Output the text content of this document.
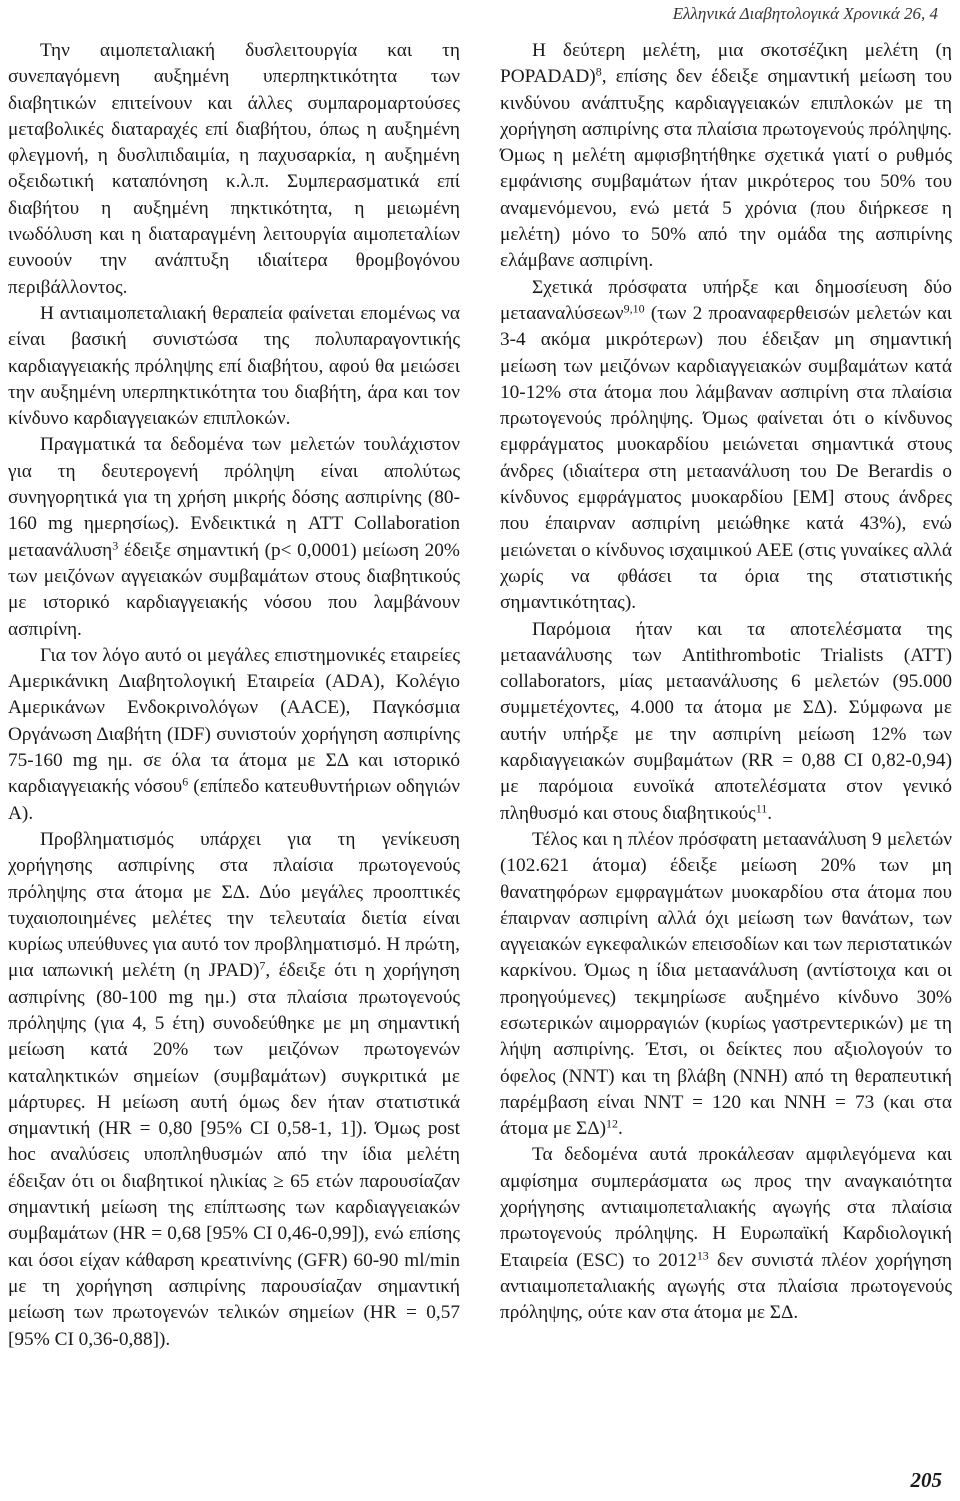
Ελληνικά Διαβητολογικά Χρονικά 26, 4

Την αιμοπεταλιακή δυσλειτουργία και τη συνεπαγόμενη αυξημένη υπερπηκτικότητα των διαβητικών επιτείνουν και άλλες συμπαρομαρτούσες μεταβολικές διαταραχές επί διαβήτου, όπως η αυξημένη φλεγμονή, η δυσλιπιδαιμία, η παχυσαρκία, η αυξημένη οξειδωτική καταπόνηση κ.λ.π. Συμπερασματικά επί διαβήτου η αυξημένη πηκτικότητα, η μειωμένη ινωδόλυση και η διαταραγμένη λειτουργία αιμοπεταλίων ευνοούν την ανάπτυξη ιδιαίτερα θρομβογόνου περιβάλλοντος.

Η αντιαιμοπεταλιακή θεραπεία φαίνεται επομένως να είναι βασική συνιστώσα της πολυπαραγοντικής καρδιαγγειακής πρόληψης επί διαβήτου, αφού θα μειώσει την αυξημένη υπερπηκτικότητα του διαβήτη, άρα και τον κίνδυνο καρδιαγγειακών επιπλοκών.

Πραγματικά τα δεδομένα των μελετών τουλάχιστον για τη δευτερογενή πρόληψη είναι απολύτως συνηγορητικά για τη χρήση μικρής δόσης ασπιρίνης (80-160 mg ημερησίως). Ενδεικτικά η ATT Collaboration μεταανάλυση$^3$ έδειξε σημαντική (p< 0,0001) μείωση 20% των μειζόνων αγγειακών συμβαμάτων στους διαβητικούς με ιστορικό καρδιαγγειακής νόσου που λαμβάνουν ασπιρίνη.

Για τον λόγο αυτό οι μεγάλες επιστημονικές εταιρείες Αμερικάνικη Διαβητολογική Εταιρεία (ADA), Κολέγιο Αμερικάνων Ενδοκρινολόγων (AACE), Παγκόσμια Οργάνωση Διαβήτη (IDF) συνιστούν χορήγηση ασπιρίνης 75-160 mg ημ. σε όλα τα άτομα με ΣΔ και ιστορικό καρδιαγγειακής νόσου$^6$ (επίπεδο κατευθυντήριων οδηγιών Α).

Προβληματισμός υπάρχει για τη γενίκευση χορήγησης ασπιρίνης στα πλαίσια πρωτογενούς πρόληψης στα άτομα με ΣΔ. Δύο μεγάλες προοπτικές τυχαιοποιημένες μελέτες την τελευταία διετία είναι κυρίως υπεύθυνες για αυτό τον προβληματισμό. Η πρώτη, μια ιαπωνική μελέτη (η JPAD)$^7$, έδειξε ότι η χορήγηση ασπιρίνης (80-100 mg ημ.) στα πλαίσια πρωτογενούς πρόληψης (για 4, 5 έτη) συνοδεύθηκε με μη σημαντική μείωση κατά 20% των μειζόνων πρωτογενών καταληκτικών σημείων (συμβαμάτων) συγκριτικά με μάρτυρες. Η μείωση αυτή όμως δεν ήταν στατιστικά σημαντική (HR = 0,80 [95% CI 0,58-1, 1]). Όμως post hoc αναλύσεις υποπληθυσμών από την ίδια μελέτη έδειξαν ότι οι διαβητικοί ηλικίας ≥ 65 ετών παρουσίαζαν σημαντική μείωση της επίπτωσης των καρδιαγγειακών συμβαμάτων (HR = 0,68 [95% CI 0,46-0,99]), ενώ επίσης και όσοι είχαν κάθαρση κρεατινίνης (GFR) 60-90 ml/min με τη χορήγηση ασπιρίνης παρουσίαζαν σημαντική μείωση των πρωτογενών τελικών σημείων (HR = 0,57 [95% CI 0,36-0,88]).

Η δεύτερη μελέτη, μια σκοτσέζικη μελέτη (η POPADAD)$^8$, επίσης δεν έδειξε σημαντική μείωση του κινδύνου ανάπτυξης καρδιαγγειακών επιπλοκών με τη χορήγηση ασπιρίνης στα πλαίσια πρωτογενούς πρόληψης. Όμως η μελέτη αμφισβητήθηκε σχετικά γιατί ο ρυθμός εμφάνισης συμβαμάτων ήταν μικρότερος του 50% του αναμενόμενου, ενώ μετά 5 χρόνια (που διήρκεσε η μελέτη) μόνο το 50% από την ομάδα της ασπιρίνης ελάμβανε ασπιρίνη.

Σχετικά πρόσφατα υπήρξε και δημοσίευση δύο μετααναλύσεων$^{9,10}$ (των 2 προαναφερθεισών μελετών και 3-4 ακόμα μικρότερων) που έδειξαν μη σημαντική μείωση των μειζόνων καρδιαγγειακών συμβαμάτων κατά 10-12% στα άτομα που λάμβαναν ασπιρίνη στα πλαίσια πρωτογενούς πρόληψης. Όμως φαίνεται ότι ο κίνδυνος εμφράγματος μυοκαρδίου μειώνεται σημαντικά στους άνδρες (ιδιαίτερα στη μεταανάλυση του De Berardis ο κίνδυνος εμφράγματος μυοκαρδίου [ΕΜ] στους άνδρες που έπαιρναν ασπιρίνη μειώθηκε κατά 43%), ενώ μειώνεται ο κίνδυνος ισχαιμικού ΑΕΕ (στις γυναίκες αλλά χωρίς να φθάσει τα όρια της στατιστικής σημαντικότητας).

Παρόμοια ήταν και τα αποτελέσματα της μεταανάλυσης των Antithrombotic Trialists (ATT) collaborators, μίας μεταανάλυσης 6 μελετών (95.000 συμμετέχοντες, 4.000 τα άτομα με ΣΔ). Σύμφωνα με αυτήν υπήρξε με την ασπιρίνη μείωση 12% των καρδιαγγειακών συμβαμάτων (RR = 0,88 CI 0,82-0,94) με παρόμοια ευνοϊκά αποτελέσματα στον γενικό πληθυσμό και στους διαβητικούς$^{11}$.

Τέλος και η πλέον πρόσφατη μεταανάλυση 9 μελετών (102.621 άτομα) έδειξε μείωση 20% των μη θανατηφόρων εμφραγμάτων μυοκαρδίου στα άτομα που έπαιρναν ασπιρίνη αλλά όχι μείωση των θανάτων, των αγγειακών εγκεφαλικών επεισοδίων και των περιστατικών καρκίνου. Όμως η ίδια μεταανάλυση (αντίστοιχα και οι προηγούμενες) τεκμηρίωσε αυξημένο κίνδυνο 30% εσωτερικών αιμορραγιών (κυρίως γαστρεντερικών) με τη λήψη ασπιρίνης. Έτσι, οι δείκτες που αξιολογούν το όφελος (NNT) και τη βλάβη (NNH) από τη θεραπευτική παρέμβαση είναι NNT = 120 και NNH = 73 (και στα άτομα με ΣΔ)$^{12}$.

Τα δεδομένα αυτά προκάλεσαν αμφιλεγόμενα και αμφίσημα συμπεράσματα ως προς την αναγκαιότητα χορήγησης αντιαιμοπεταλιακής αγωγής στα πλαίσια πρωτογενούς πρόληψης. Η Ευρωπαϊκή Καρδιολογική Εταιρεία (ESC) το 2012$^{13}$ δεν συνιστά πλέον χορήγηση αντιαιμοπεταλιακής αγωγής στα πλαίσια πρωτογενούς πρόληψης, ούτε καν στα άτομα με ΣΔ.

205
